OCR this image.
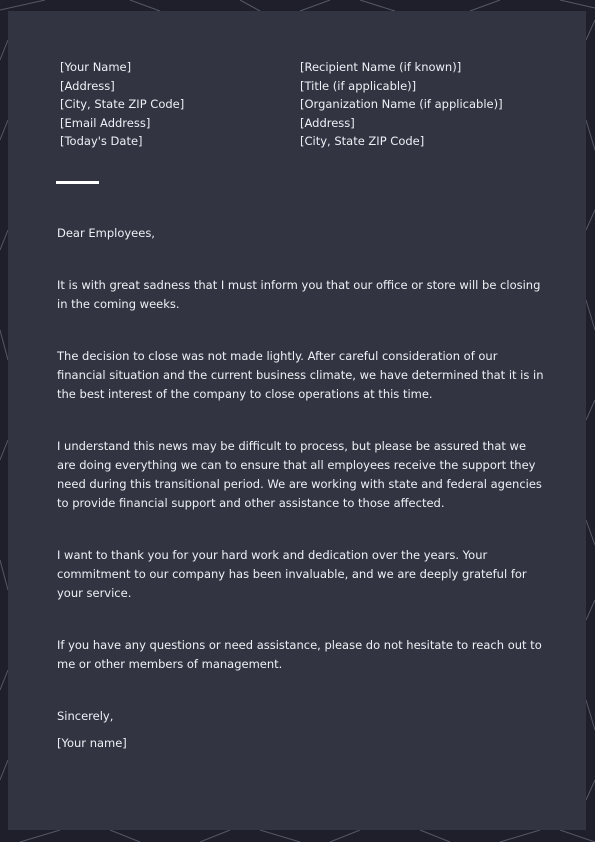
[Your Name]
[Address]
[City, State ZIP Code]
[Email Address]
[Today's Date]
[Recipient Name (if known)]
[Title (if applicable)]
[Organization Name (if applicable)]
[Address]
[City, State ZIP Code]

Dear Employees,

It is with great sadness that I must inform you that our office or store will be closing in the coming weeks.

The decision to close was not made lightly. After careful consideration of our financial situation and the current business climate, we have determined that it is in the best interest of the company to close operations at this time.

I understand this news may be difficult to process, but please be assured that we are doing everything we can to ensure that all employees receive the support they need during this transitional period. We are working with state and federal agencies to provide financial support and other assistance to those affected.

I want to thank you for your hard work and dedication over the years. Your commitment to our company has been invaluable, and we are deeply grateful for your service.

If you have any questions or need assistance, please do not hesitate to reach out to me or other members of management.

Sincerely,

[Your name]
